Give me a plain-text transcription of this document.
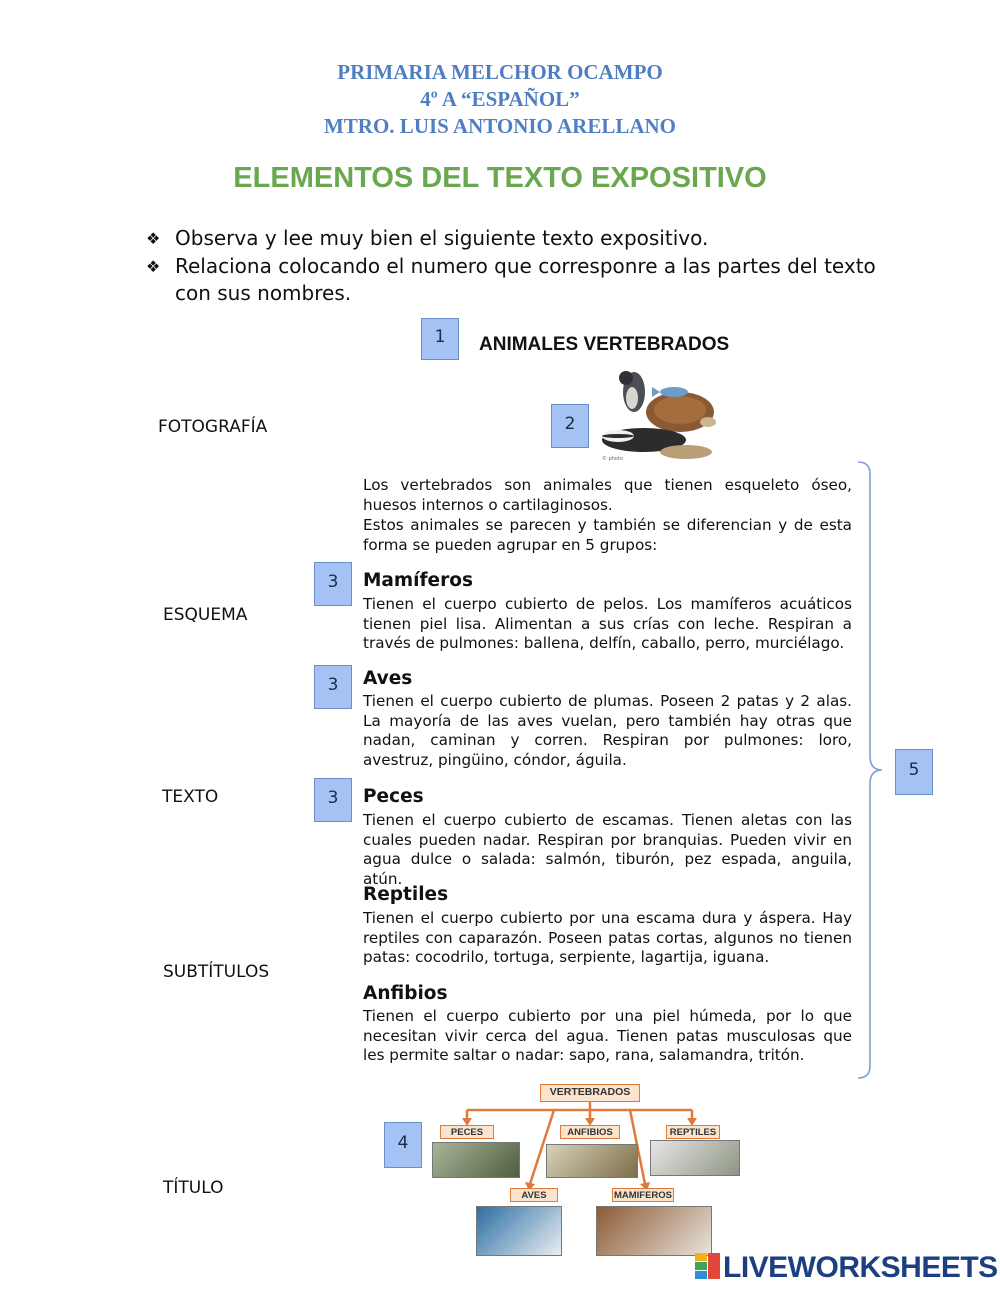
PRIMARIA MELCHOR OCAMPO
4º A “ESPAÑOL”
MTRO. LUIS ANTONIO ARELLANO
ELEMENTOS DEL TEXTO EXPOSITIVO
❖ Observa y lee muy bien el siguiente texto expositivo.
❖ Relaciona colocando el numero que corresponre a las partes del texto con sus nombres.
FOTOGRAFÍA
ESQUEMA
TEXTO
SUBTÍTULOS
TÍTULO
1
2
3
3
3
4
5
ANIMALES VERTEBRADOS
© photo
Los vertebrados son animales que tienen esqueleto óseo, huesos internos o cartilaginosos.
Estos animales se parecen y también se diferencian y de esta forma se pueden agrupar en 5 grupos:
Mamíferos
Tienen el cuerpo cubierto de pelos. Los mamíferos acuáticos tienen piel lisa. Alimentan a sus crías con leche. Respiran a través de pulmones: ballena, delfín, caballo, perro, murciélago.
Aves
Tienen el cuerpo cubierto de plumas. Poseen 2 patas y 2 alas. La mayoría de las aves vuelan, pero también hay otras que nadan, caminan y corren. Respiran por pulmones: loro, avestruz, pingüino, cóndor, águila.
Peces
Tienen el cuerpo cubierto de escamas. Tienen aletas con las cuales pueden nadar. Respiran por branquias. Pueden vivir en agua dulce o salada: salmón, tiburón, pez espada, anguila, atún.
Reptiles
Tienen el cuerpo cubierto por una escama dura y áspera. Hay reptiles con caparazón. Poseen patas cortas, algunos no tienen patas: cocodrilo, tortuga, serpiente, lagartija, iguana.
Anfibios
Tienen el cuerpo cubierto por una piel húmeda, por lo que necesitan vivir cerca del agua. Tienen patas musculosas que les permite saltar o nadar: sapo, rana, salamandra, tritón.
VERTEBRADOS
PECES	ANFIBIOS	REPTILES
AVES	MAMIFEROS
LIVEWORKSHEETS
